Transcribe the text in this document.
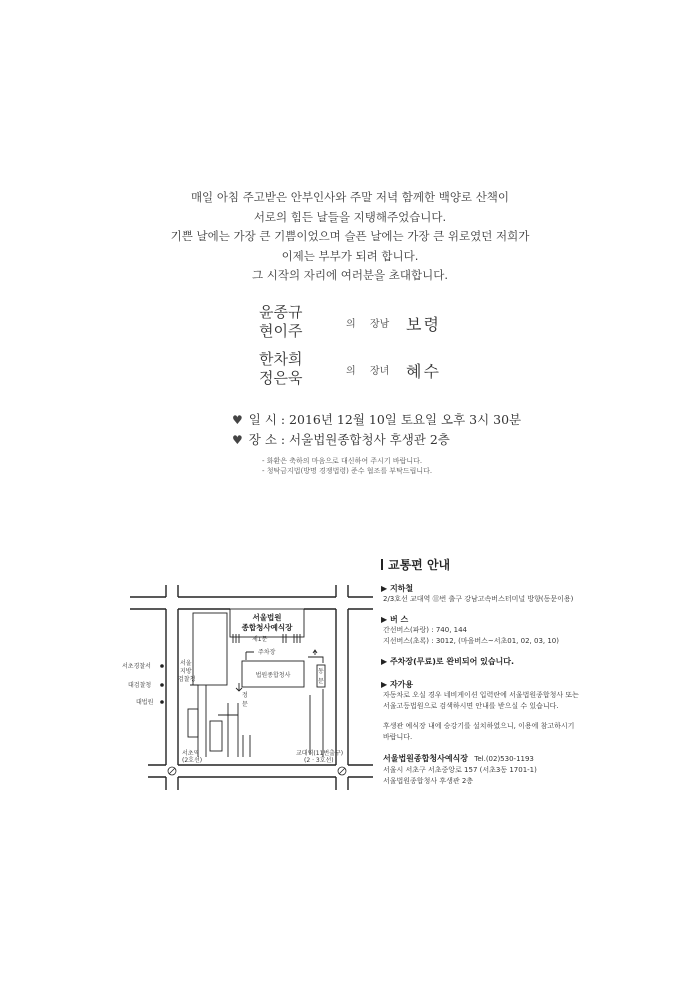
매일 아침 주고받은 안부인사와 주말 저녁 함께한 백양로 산책이
서로의 힘든 날들을 지탱해주었습니다.
기쁜 날에는 가장 큰 기쁨이었으며 슬픈 날에는 가장 큰 위로였던 저희가
이제는 부부가 되려 합니다.
그 시작의 자리에 여러분을 초대합니다.
윤종규
현이주	의 장남 보령
한차희
정은욱	의 장녀 혜수
♥ 일 시 : 2016년 12월 10일 토요일 오후 3시 30분
♥ 장 소 : 서울법원종합청사 후생관 2층
- 화환은 축하의 마음으로 대신하여 주시기 바랍니다.
- 청탁금지법(방명 경쟁법령) 준수 협조를 부탁드립니다.
서울법원
종합청사예식장
제1문
주차장
법원종합청사
서울
지방
검찰청
동
문
정
문
서초경찰서
대검찰청
대법원
서초역
(2호선)
교대역(11번출구)
(2 · 3호선)
교통편 안내
▶ 지하철
2/3호선 교대역 ⑪번 출구 강남고속버스터미널 방향(동문이용)
▶ 버 스
간선버스(파랑) : 740, 144
지선버스(초록) : 3012, (마을버스~서초01, 02, 03, 10)
▶ 주차장(무료)로 완비되어 있습니다.
▶ 자가용
자동차로 오실 경우 네비게이션 입력란에 서울법원종합청사 또는
서울고등법원으로 검색하시면 안내를 받으실 수 있습니다.
후생관 예식장 내에 승강기를 설치하였으니, 이용에 참고하시기
바랍니다.
서울법원종합청사예식장 Tel.(02)530-1193
서울시 서초구 서초중앙로 157 (서초3동 1701-1)
서울법원종합청사 후생관 2층
